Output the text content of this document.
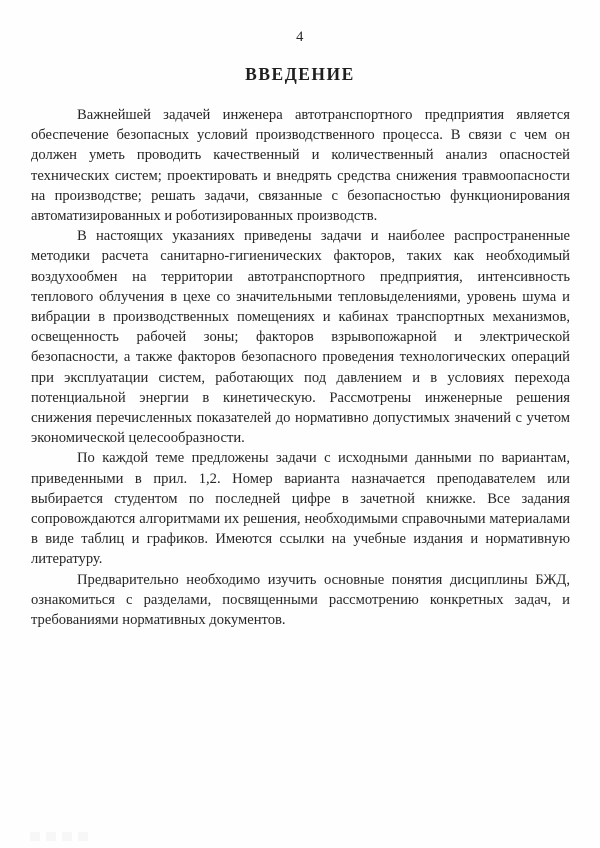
4
ВВЕДЕНИЕ

Важнейшей задачей инженера автотранспортного предприятия является обеспечение безопасных условий производственного процесса. В связи с чем он должен уметь проводить качественный и количественный анализ опасностей технических систем; проектировать и внедрять средства снижения травмоопасности на производстве; решать задачи, связанные с безопасностью функционирования автоматизированных и роботизированных производств.

В настоящих указаниях приведены задачи и наиболее распространенные методики расчета санитарно-гигиенических факторов, таких как необходимый воздухообмен на территории автотранспортного предприятия, интенсивность теплового облучения в цехе со значительными тепловыделениями, уровень шума и вибрации в производственных помещениях и кабинах транспортных механизмов, освещенность рабочей зоны; факторов взрывопожарной и электрической безопасности, а также факторов безопасного проведения технологических операций при эксплуатации систем, работающих под давлением и в условиях перехода потенциальной энергии в кинетическую. Рассмотрены инженерные решения снижения перечисленных показателей до нормативно допустимых значений с учетом экономической целесообразности.

По каждой теме предложены задачи с исходными данными по вариантам, приведенными в прил. 1,2. Номер варианта назначается преподавателем или выбирается студентом по последней цифре в зачетной книжке. Все задания сопровождаются алгоритмами их решения, необходимыми справочными материалами в виде таблиц и графиков. Имеются ссылки на учебные издания и нормативную литературу.

Предварительно необходимо изучить основные понятия дисциплины БЖД, ознакомиться с разделами, посвященными рассмотрению конкретных задач, и требованиями нормативных документов.
